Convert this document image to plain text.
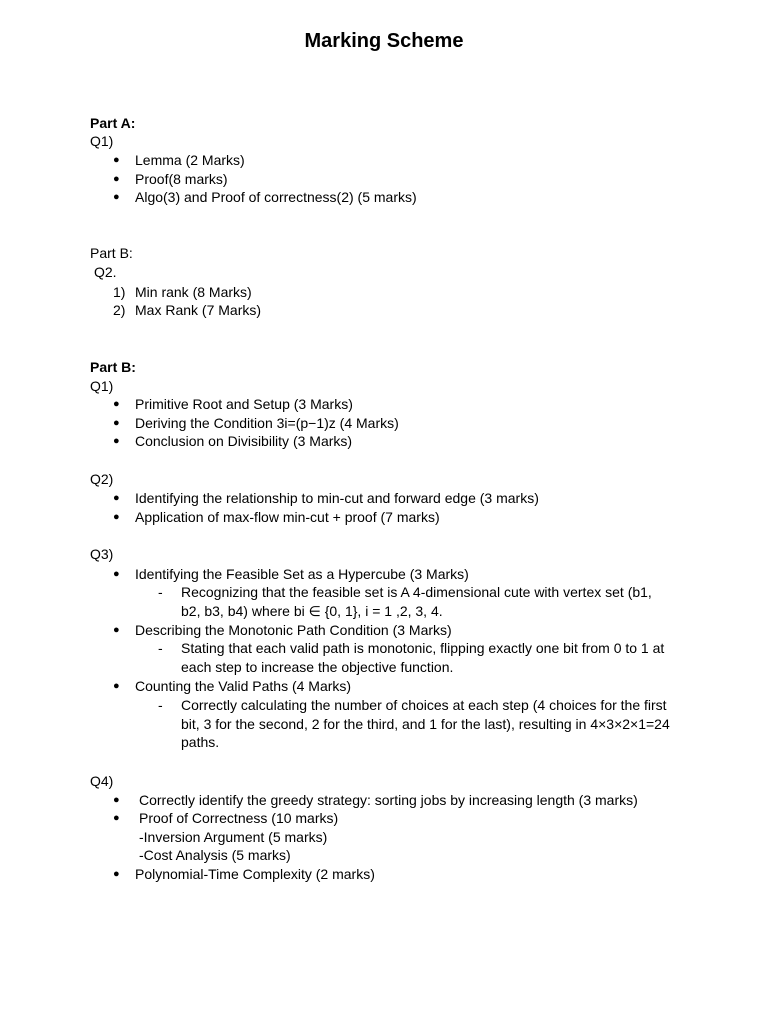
Marking Scheme
Part A:
Q1)
● Lemma (2 Marks)
● Proof(8 marks)
● Algo(3) and Proof of correctness(2) (5 marks)
Part B:
Q2.
1) Min rank (8 Marks)
2) Max Rank (7 Marks)
Part B:
Q1)
● Primitive Root and Setup (3 Marks)
● Deriving the Condition 3i=(p−1)z (4 Marks)
● Conclusion on Divisibility (3 Marks)
Q2)
● Identifying the relationship to min-cut and forward edge (3 marks)
● Application of max-flow min-cut + proof (7 marks)
Q3)
● Identifying the Feasible Set as a Hypercube (3 Marks)
- Recognizing that the feasible set is A 4-dimensional cute with vertex set (b1, b2, b3, b4) where bi ∈ {0, 1}, i = 1 ,2, 3, 4.
● Describing the Monotonic Path Condition (3 Marks)
- Stating that each valid path is monotonic, flipping exactly one bit from 0 to 1 at each step to increase the objective function.
● Counting the Valid Paths (4 Marks)
- Correctly calculating the number of choices at each step (4 choices for the first bit, 3 for the second, 2 for the third, and 1 for the last), resulting in 4×3×2×1=24 paths.
Q4)
● Correctly identify the greedy strategy: sorting jobs by increasing length (3 marks)
● Proof of Correctness (10 marks)
-Inversion Argument (5 marks)
-Cost Analysis (5 marks)
● Polynomial-Time Complexity (2 marks)
